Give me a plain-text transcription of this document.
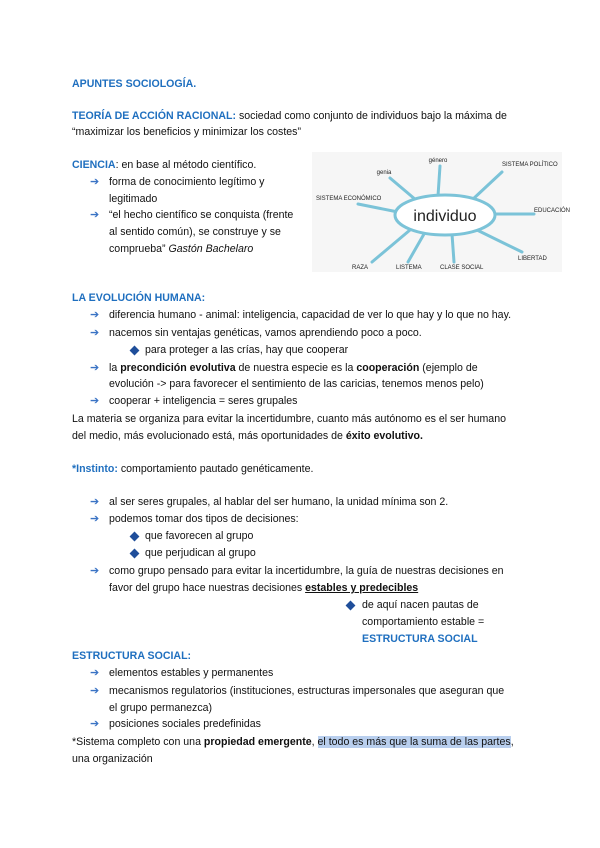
APUNTES SOCIOLOGÍA.
TEORÍA DE ACCIÓN RACIONAL: sociedad como conjunto de individuos bajo la máxima de
“maximizar los beneficios y minimizar los costes”
CIENCIA: en base al método científico.
➔ forma de conocimiento legítimo y
legitimado
➔ “el hecho científico se conquista (frente
al sentido común), se construye y se
comprueba” Gastón Bachelaro
individuo
género
SISTEMA POLÍTICO
EDUCACIÓN
LIBERTAD
CLASE SOCIAL
LISTEMA
RAZA
SISTEMA ECONÓMICO
genia
LA EVOLUCIÓN HUMANA:
➔ diferencia humano - animal: inteligencia, capacidad de ver lo que hay y lo que no hay.
➔ nacemos sin ventajas genéticas, vamos aprendiendo poco a poco.
para proteger a las crías, hay que cooperar
➔ la precondición evolutiva de nuestra especie es la cooperación (ejemplo de
evolución -> para favorecer el sentimiento de las caricias, tenemos menos pelo)
➔ cooperar + inteligencia = seres grupales
La materia se organiza para evitar la incertidumbre, cuanto más autónomo es el ser humano
del medio, más evolucionado está, más oportunidades de éxito evolutivo.
*Instinto: comportamiento pautado genéticamente.
➔ al ser seres grupales, al hablar del ser humano, la unidad mínima son 2.
➔ podemos tomar dos tipos de decisiones:
que favorecen al grupo
que perjudican al grupo
➔ como grupo pensado para evitar la incertidumbre, la guía de nuestras decisiones en
favor del grupo hace nuestras decisiones estables y predecibles
de aquí nacen pautas de
comportamiento estable =
ESTRUCTURA SOCIAL
ESTRUCTURA SOCIAL:
➔ elementos estables y permanentes
➔ mecanismos regulatorios (instituciones, estructuras impersonales que aseguran que
el grupo permanezca)
➔ posiciones sociales predefinidas
*Sistema completo con una propiedad emergente, el todo es más que la suma de las partes,
una organización
